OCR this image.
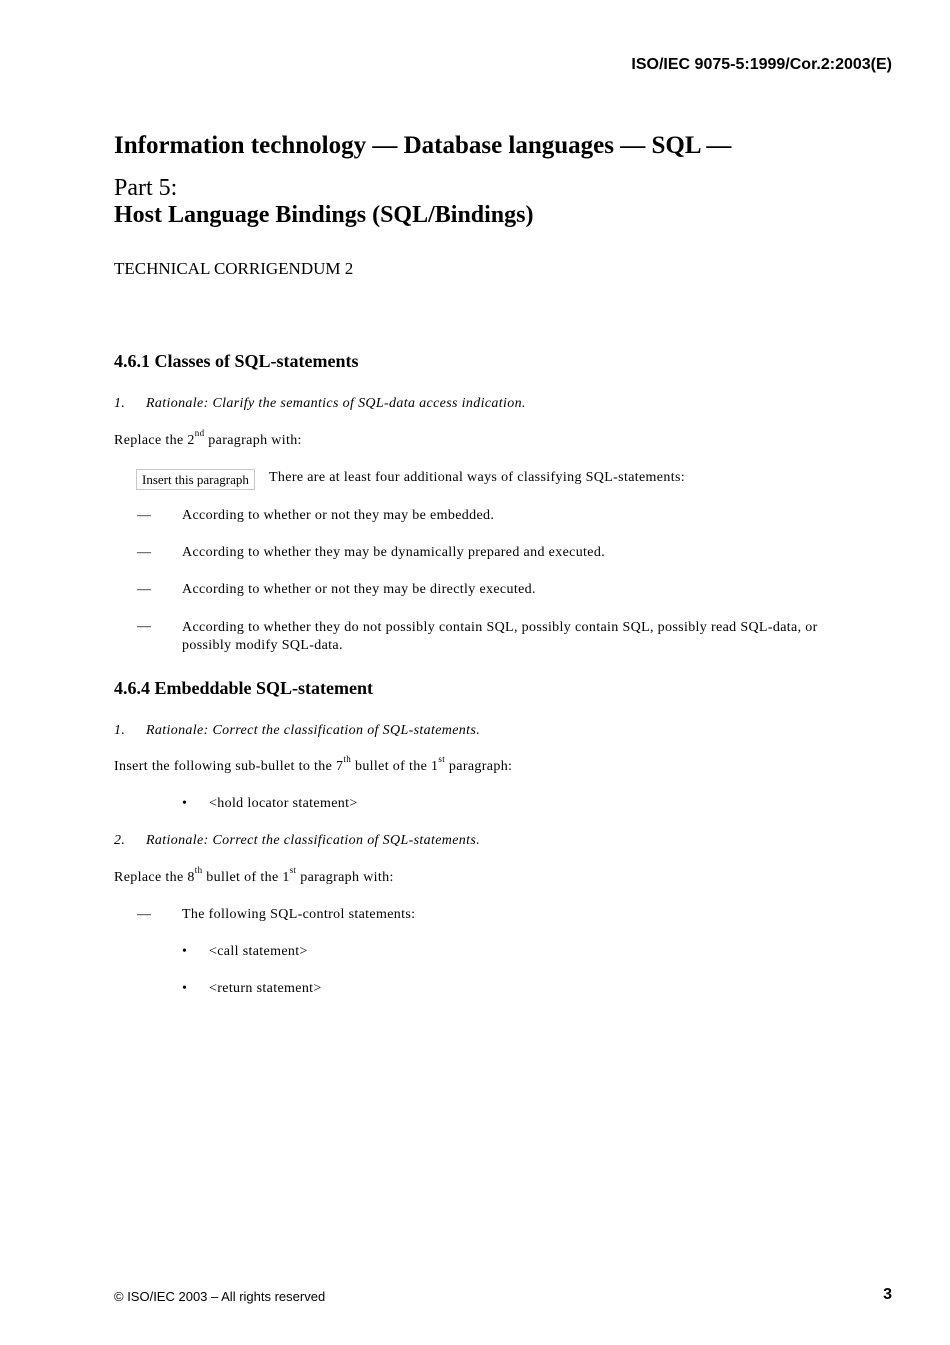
ISO/IEC 9075-5:1999/Cor.2:2003(E)
Information technology — Database languages — SQL —
Part 5:
Host Language Bindings (SQL/Bindings)
TECHNICAL CORRIGENDUM 2
4.6.1 Classes of SQL-statements
1. Rationale: Clarify the semantics of SQL-data access indication.
Replace the 2nd paragraph with:
Insert this paragraph	There are at least four additional ways of classifying SQL-statements:
— According to whether or not they may be embedded.
— According to whether they may be dynamically prepared and executed.
— According to whether or not they may be directly executed.
— According to whether they do not possibly contain SQL, possibly contain SQL, possibly read SQL-data, or possibly modify SQL-data.
4.6.4 Embeddable SQL-statement
1. Rationale: Correct the classification of SQL-statements.
Insert the following sub-bullet to the 7th bullet of the 1st paragraph:
• <hold locator statement>
2. Rationale: Correct the classification of SQL-statements.
Replace the 8th bullet of the 1st paragraph with:
— The following SQL-control statements:
• <call statement>
• <return statement>
© ISO/IEC 2003 – All rights reserved	3
